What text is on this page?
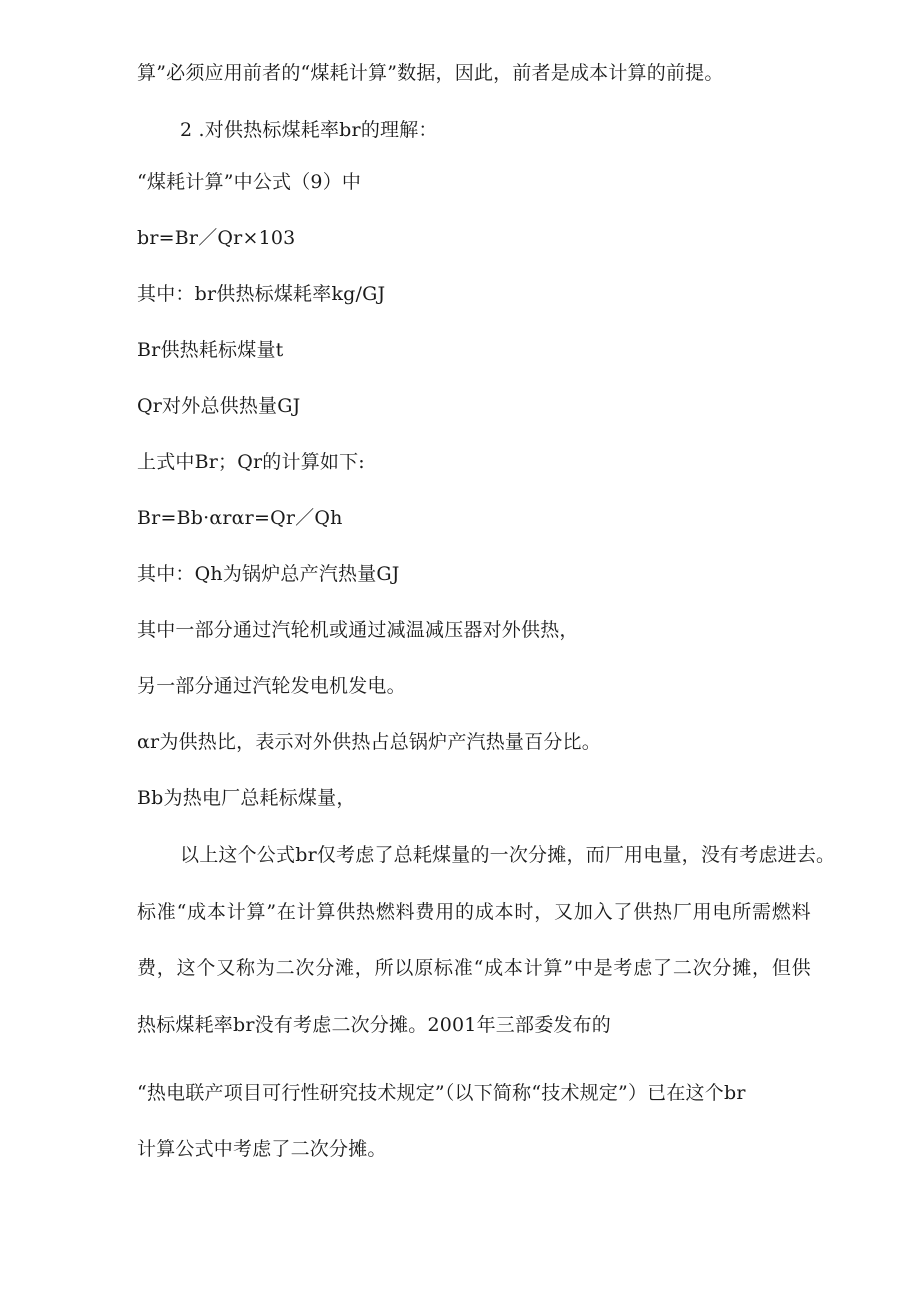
算”必须应用前者的“煤耗计算”数据，因此，前者是成本计算的前提。
2 .对供热标煤耗率br的理解：
“煤耗计算”中公式（9）中
br=Br／Qr×103
其中：br供热标煤耗率kg/GJ
Br供热耗标煤量t
Qr对外总供热量GJ
上式中Br；Qr的计算如下:
Br=Bb·αrαr=Qr／Qh
其中：Qh为锅炉总产汽热量GJ
其中一部分通过汽轮机或通过减温减压器对外供热，
另一部分通过汽轮发电机发电。
αr为供热比，表示对外供热占总锅炉产汽热量百分比。
Bb为热电厂总耗标煤量，
以上这个公式br仅考虑了总耗煤量的一次分摊，而厂用电量，没有考虑进去。
标准“成本计算”在计算供热燃料费用的成本时，又加入了供热厂用电所需燃料
费，这个又称为二次分滩，所以原标准“成本计算”中是考虑了二次分摊，但供
热标煤耗率br没有考虑二次分摊。2001年三部委发布的
“热电联产项目可行性研究技术规定”（以下简称“技术规定”）已在这个br
计算公式中考虑了二次分摊。
